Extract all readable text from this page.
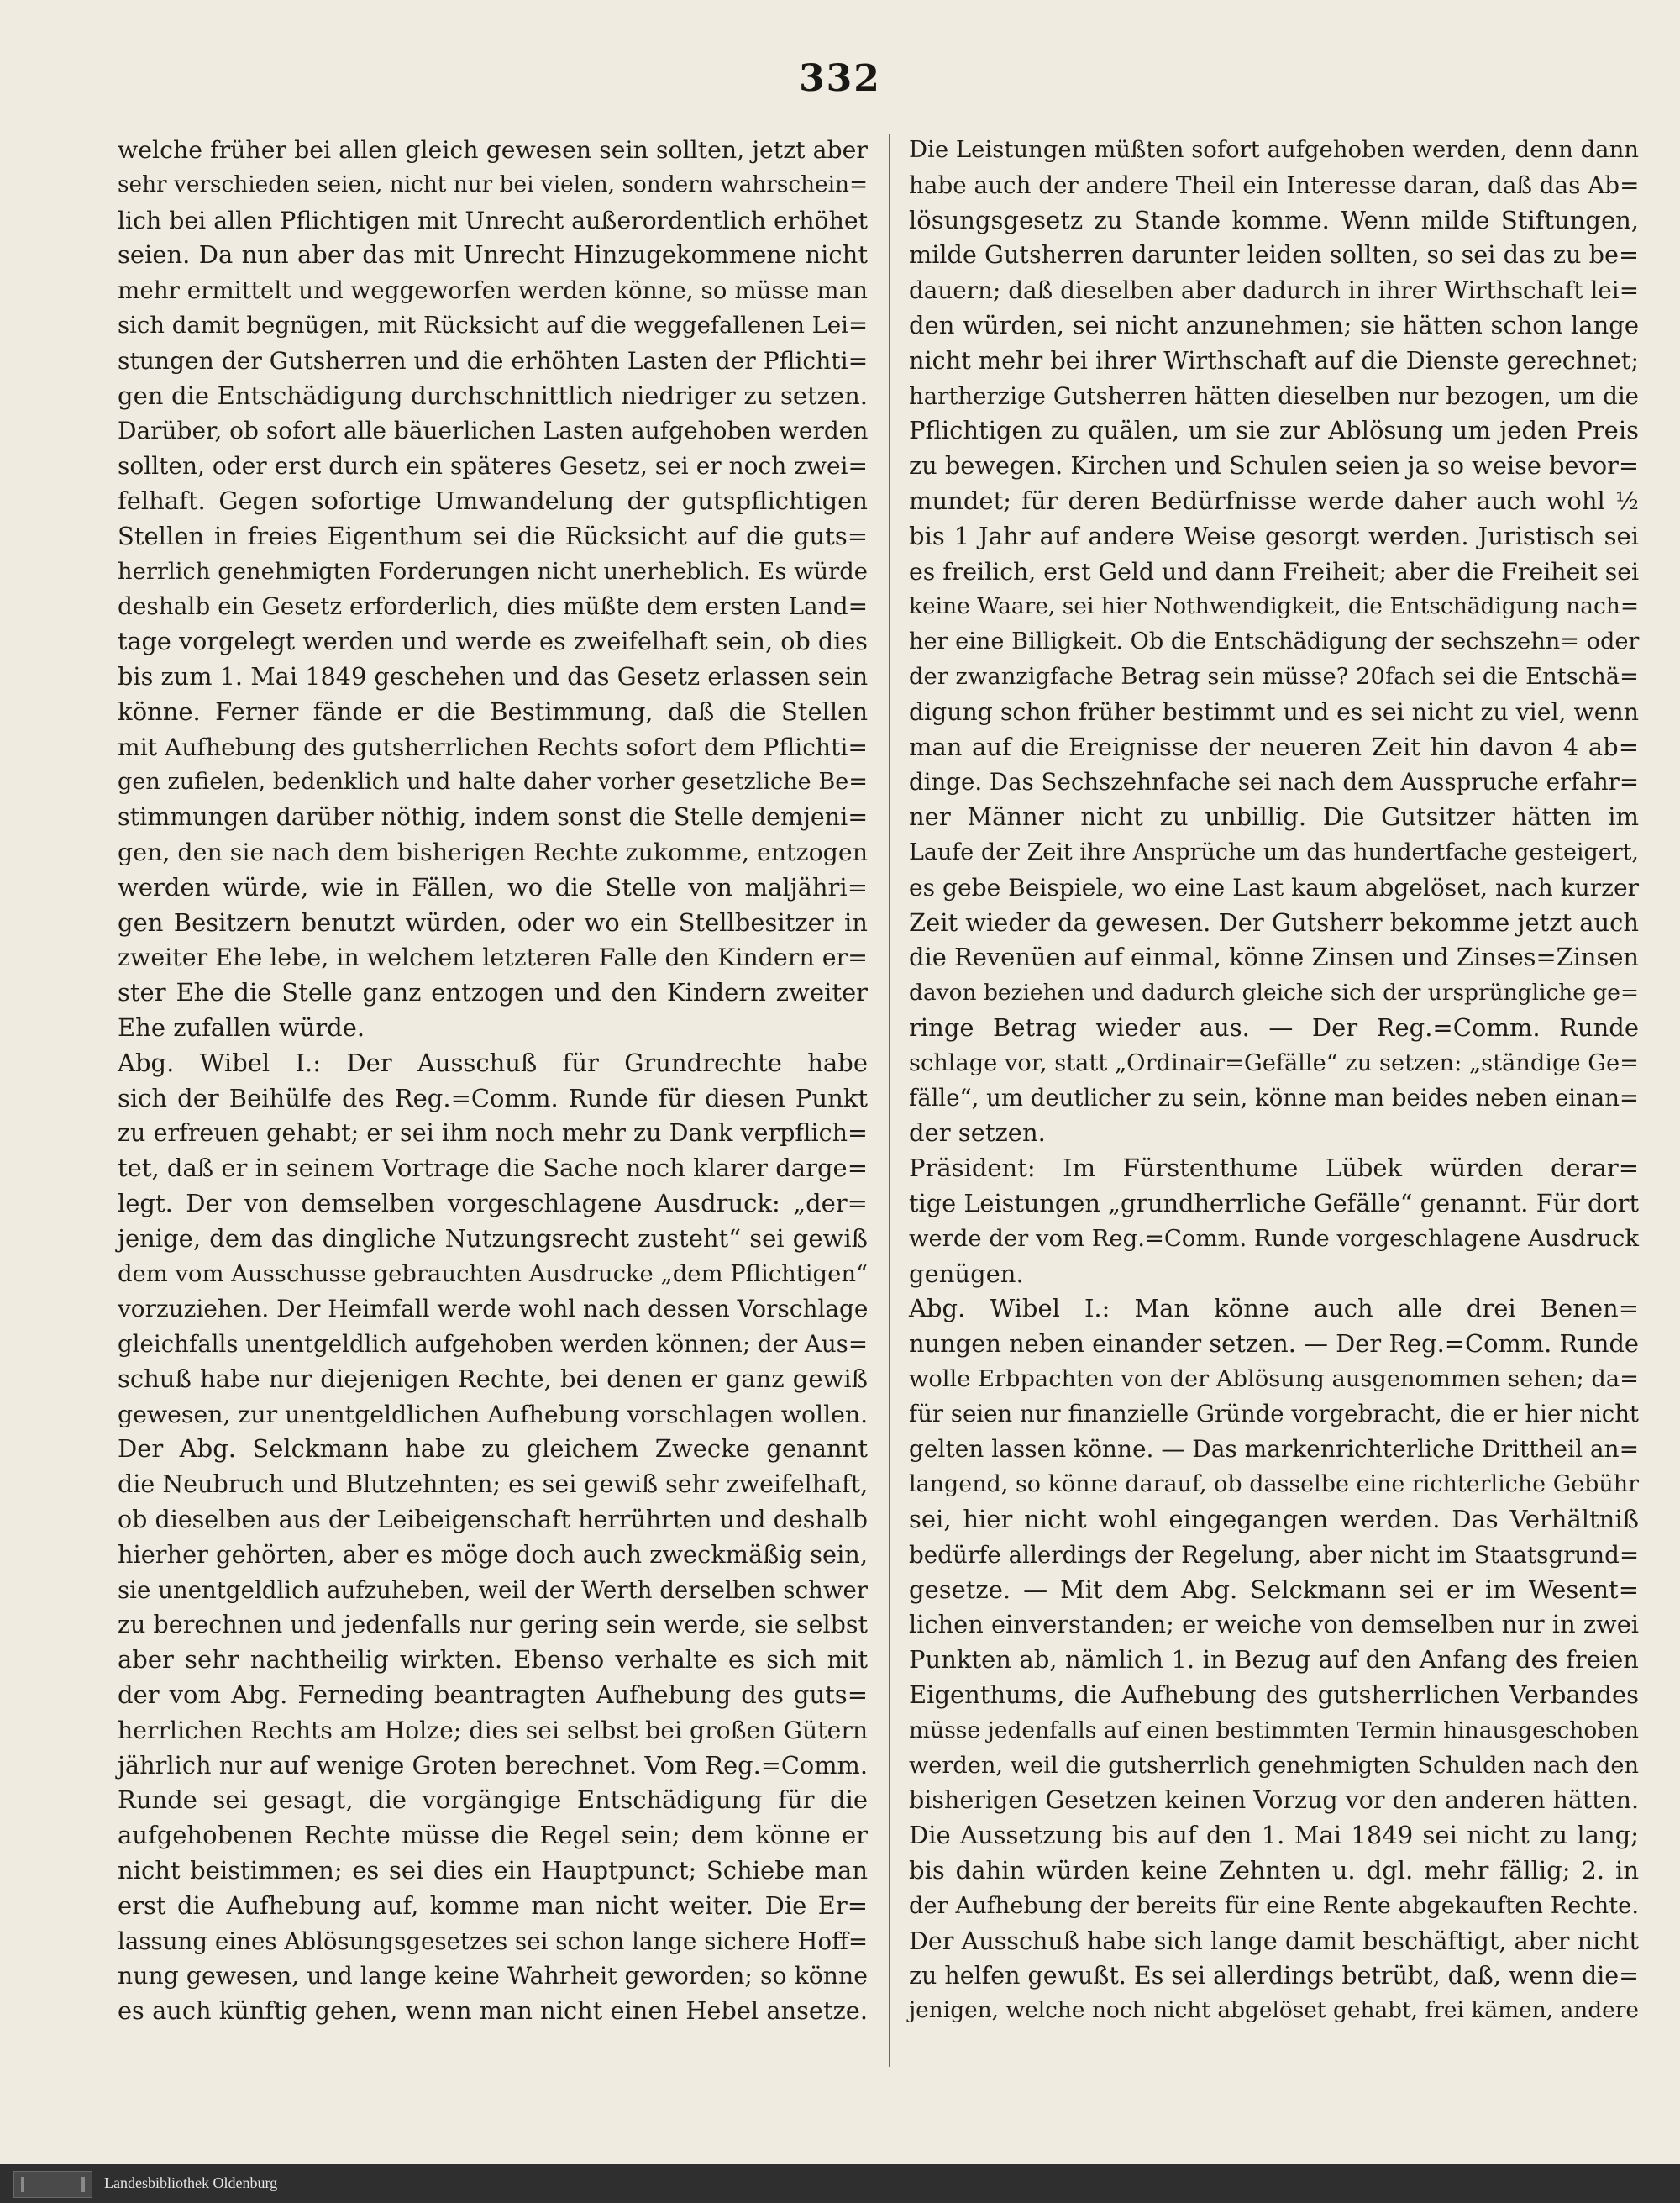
332
welche früher bei allen gleich gewesen sein sollten, jetzt aber
sehr verschieden seien, nicht nur bei vielen, sondern wahrschein=
lich bei allen Pflichtigen mit Unrecht außerordentlich erhöhet
seien. Da nun aber das mit Unrecht Hinzugekommene nicht
mehr ermittelt und weggeworfen werden könne, so müsse man
sich damit begnügen, mit Rücksicht auf die weggefallenen Lei=
stungen der Gutsherren und die erhöhten Lasten der Pflichti=
gen die Entschädigung durchschnittlich niedriger zu setzen.
Darüber, ob sofort alle bäuerlichen Lasten aufgehoben werden
sollten, oder erst durch ein späteres Gesetz, sei er noch zwei=
felhaft. Gegen sofortige Umwandelung der gutspflichtigen
Stellen in freies Eigenthum sei die Rücksicht auf die guts=
herrlich genehmigten Forderungen nicht unerheblich. Es würde
deshalb ein Gesetz erforderlich, dies müßte dem ersten Land=
tage vorgelegt werden und werde es zweifelhaft sein, ob dies
bis zum 1. Mai 1849 geschehen und das Gesetz erlassen sein
könne. Ferner fände er die Bestimmung, daß die Stellen
mit Aufhebung des gutsherrlichen Rechts sofort dem Pflichti=
gen zufielen, bedenklich und halte daher vorher gesetzliche Be=
stimmungen darüber nöthig, indem sonst die Stelle demjeni=
gen, den sie nach dem bisherigen Rechte zukomme, entzogen
werden würde, wie in Fällen, wo die Stelle von maljähri=
gen Besitzern benutzt würden, oder wo ein Stellbesitzer in
zweiter Ehe lebe, in welchem letzteren Falle den Kindern er=
ster Ehe die Stelle ganz entzogen und den Kindern zweiter
Ehe zufallen würde.
Abg. Wibel I.: Der Ausschuß für Grundrechte habe
sich der Beihülfe des Reg.=Comm. Runde für diesen Punkt
zu erfreuen gehabt; er sei ihm noch mehr zu Dank verpflich=
tet, daß er in seinem Vortrage die Sache noch klarer darge=
legt. Der von demselben vorgeschlagene Ausdruck: „der=
jenige, dem das dingliche Nutzungsrecht zusteht“ sei gewiß
dem vom Ausschusse gebrauchten Ausdrucke „dem Pflichtigen“
vorzuziehen. Der Heimfall werde wohl nach dessen Vorschlage
gleichfalls unentgeldlich aufgehoben werden können; der Aus=
schuß habe nur diejenigen Rechte, bei denen er ganz gewiß
gewesen, zur unentgeldlichen Aufhebung vorschlagen wollen.
Der Abg. Selckmann habe zu gleichem Zwecke genannt
die Neubruch und Blutzehnten; es sei gewiß sehr zweifelhaft,
ob dieselben aus der Leibeigenschaft herrührten und deshalb
hierher gehörten, aber es möge doch auch zweckmäßig sein,
sie unentgeldlich aufzuheben, weil der Werth derselben schwer
zu berechnen und jedenfalls nur gering sein werde, sie selbst
aber sehr nachtheilig wirkten. Ebenso verhalte es sich mit
der vom Abg. Ferneding beantragten Aufhebung des guts=
herrlichen Rechts am Holze; dies sei selbst bei großen Gütern
jährlich nur auf wenige Groten berechnet. Vom Reg.=Comm.
Runde sei gesagt, die vorgängige Entschädigung für die
aufgehobenen Rechte müsse die Regel sein; dem könne er
nicht beistimmen; es sei dies ein Hauptpunct; Schiebe man
erst die Aufhebung auf, komme man nicht weiter. Die Er=
lassung eines Ablösungsgesetzes sei schon lange sichere Hoff=
nung gewesen, und lange keine Wahrheit geworden; so könne
es auch künftig gehen, wenn man nicht einen Hebel ansetze.
Die Leistungen müßten sofort aufgehoben werden, denn dann
habe auch der andere Theil ein Interesse daran, daß das Ab=
lösungsgesetz zu Stande komme. Wenn milde Stiftungen,
milde Gutsherren darunter leiden sollten, so sei das zu be=
dauern; daß dieselben aber dadurch in ihrer Wirthschaft lei=
den würden, sei nicht anzunehmen; sie hätten schon lange
nicht mehr bei ihrer Wirthschaft auf die Dienste gerechnet;
hartherzige Gutsherren hätten dieselben nur bezogen, um die
Pflichtigen zu quälen, um sie zur Ablösung um jeden Preis
zu bewegen. Kirchen und Schulen seien ja so weise bevor=
mundet; für deren Bedürfnisse werde daher auch wohl ½
bis 1 Jahr auf andere Weise gesorgt werden. Juristisch sei
es freilich, erst Geld und dann Freiheit; aber die Freiheit sei
keine Waare, sei hier Nothwendigkeit, die Entschädigung nach=
her eine Billigkeit. Ob die Entschädigung der sechszehn= oder
der zwanzigfache Betrag sein müsse? 20fach sei die Entschä=
digung schon früher bestimmt und es sei nicht zu viel, wenn
man auf die Ereignisse der neueren Zeit hin davon 4 ab=
dinge. Das Sechszehnfache sei nach dem Ausspruche erfahr=
ner Männer nicht zu unbillig. Die Gutsitzer hätten im
Laufe der Zeit ihre Ansprüche um das hundertfache gesteigert,
es gebe Beispiele, wo eine Last kaum abgelöset, nach kurzer
Zeit wieder da gewesen. Der Gutsherr bekomme jetzt auch
die Revenüen auf einmal, könne Zinsen und Zinses=Zinsen
davon beziehen und dadurch gleiche sich der ursprüngliche ge=
ringe Betrag wieder aus. — Der Reg.=Comm. Runde
schlage vor, statt „Ordinair=Gefälle“ zu setzen: „ständige Ge=
fälle“, um deutlicher zu sein, könne man beides neben einan=
der setzen.
Präsident: Im Fürstenthume Lübek würden derar=
tige Leistungen „grundherrliche Gefälle“ genannt. Für dort
werde der vom Reg.=Comm. Runde vorgeschlagene Ausdruck
genügen.
Abg. Wibel I.: Man könne auch alle drei Benen=
nungen neben einander setzen. — Der Reg.=Comm. Runde
wolle Erbpachten von der Ablösung ausgenommen sehen; da=
für seien nur finanzielle Gründe vorgebracht, die er hier nicht
gelten lassen könne. — Das markenrichterliche Drittheil an=
langend, so könne darauf, ob dasselbe eine richterliche Gebühr
sei, hier nicht wohl eingegangen werden. Das Verhältniß
bedürfe allerdings der Regelung, aber nicht im Staatsgrund=
gesetze. — Mit dem Abg. Selckmann sei er im Wesent=
lichen einverstanden; er weiche von demselben nur in zwei
Punkten ab, nämlich 1. in Bezug auf den Anfang des freien
Eigenthums, die Aufhebung des gutsherrlichen Verbandes
müsse jedenfalls auf einen bestimmten Termin hinausgeschoben
werden, weil die gutsherrlich genehmigten Schulden nach den
bisherigen Gesetzen keinen Vorzug vor den anderen hätten.
Die Aussetzung bis auf den 1. Mai 1849 sei nicht zu lang;
bis dahin würden keine Zehnten u. dgl. mehr fällig; 2. in
der Aufhebung der bereits für eine Rente abgekauften Rechte.
Der Ausschuß habe sich lange damit beschäftigt, aber nicht
zu helfen gewußt. Es sei allerdings betrübt, daß, wenn die=
jenigen, welche noch nicht abgelöset gehabt, frei kämen, andere
Landesbibliothek Oldenburg
